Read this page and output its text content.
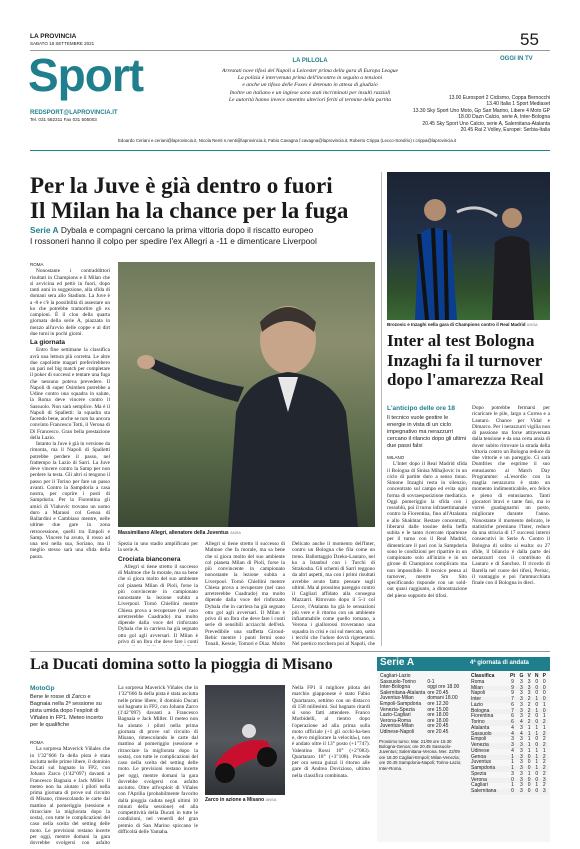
LA PROVINCIA
SABATO 18 SETTEMBRE 2021	55
Sport
REDSPORT@LAPROVINCIA.IT
Tel. 031 582311 Fax 031 505003
LA PILLOLA
Arrestati nove tifosi del Napoli a Leicester prima della gara di Europa League
La polizia è intervenuta prima dell'incontro in seguito a tensioni
e anche un tifoso delle Foxes è detenuto in attesa di giudizio
Inoltre un italiano e un inglese sono stati incriminati per insulti razziali
Le autorità hanno invece smentito ulteriori feriti al termine della partita
OGGI IN TV
13.00 Eurosport 2 Ciclismo, Coppa Bernocchi
13.40 Italia 1 Sport Mediaset
13.30 Sky Sport Uno Moto, Gp San Marino, Libere 4 Moto GP
18.00 Dazn Calcio, serie A, Inter-Bologna
20.45 Sky Sport Uno Calcio, serie A, Salernitana-Atalanta
20.45 Rai 2 Volley, Europei: Serbia-Italia
Edoardo Ceriani e.ceriani@laprovincia.it, Nicola Nenti n.nenti@laprovincia.it, Fabio Cavagna f.cavagna@laprovincia.it, Roberto Crippa (Lecco-Sondrio) r.crippa@laprovincia.it
Per la Juve è già dentro o fuori
Il Milan ha la chance per la fuga
Serie A Dybala e compagni cercano la prima vittoria dopo il riscatto europeo
I rossoneri hanno il colpo per spedire l'ex Allegri a -11 e dimenticare Liverpool
ROMA

Nonostante i contraddittori risultati in Champions e il Milan che si avvicina ed pettò in fuori, dopo tanti anni in soggezione, alla sfida di domani sera allo Stadium. La Juve è a -8 e c'è la possibilità di assestare un ko che potrebbe tramortire gli ex campioni. È il clou della quarta giornata della serie A, piazzata in mezzo all'avvio delle coppe e al dirt due turni in pochi giorni.

La giornata

Entro fine settimane la classifica avrà una lettura più corretta. Le altre due capolistte magari preferirebbero un pari nel big match per completare il poker di successi e tentare una fuga che nessuno poteva prevedere. Il Napoli di super Osimhen potrebbe a Udine contro una squadra in salute, la Roma deve vincere contro il Sassuolo. Non sarà semplice. Ma è il Napoli di Spalletti: la squadra sta facendo bene, anche se non ha ancora convinto Francesco Totti, il Verona di Di Francesco. Gran bella prestazione della Lazio.

Intanto la Juve è già in versione da rimonta, ma il Napoli di Spalletti potrebbe perdere il passo, nel frattempo la Lazio di Sarri. La Juve deve vincere contro la Samp per non perdere la testa. Gli altri si tengono il passo per il Torino per fare un passo avanti. Contro la Sampdoria a casa nostra, per coprire i posti di Sampdoria. Per la Fiorentina gli amici di Vlahovic trovano un uomo duro a Marassi col Genoa di Ballardini e Cambiaso mentre, nelle ultime due gare in zona retrocessione, quelli tra Empoli e Samp. Vincere ha avuto, il rosso ad una tesi nella sua, Soriano, ma il meglio stesso sarà una sfida della paura.

Massimiliano Allegri, allenatore della Juventus ANSA

Spezia in uno stadio amplificato per la serie A.

Crociata bianconera

Allegri si tiene stretto il successo di Malmoe che fa morale, ma sa bene che si gioca molto del suo ambiente col pianeta Milan di Pioli, forse la più convincente in campionato nonostante la lezione subita a Liverpool. Tornò Chiellini mentre Chiesa prova a recuperare (nel caso arretrerebbe Cuadrado) ma molto dipende dalla voce del rinforzato Dybala che in carriera ha già segnato otto gol agli avversari. Il Milan è privo di un Ibra che deve fare i conti

Allegri si tiene stretto il successo di Malmoe che fa morale, ma sa bene che si gioca molto del suo ambiente col pianeta Milan di Pioli, forse la più convincente in campionato nonostante la lezione subita a Liverpool. Tornò Chiellini mentre Chiesa prova a recuperare (nel caso arretrerebbe Cuadrado) ma molto dipende dalla voce del rinforzato Dybala che in carriera ha già segnato otto gol agli avversari. Il Milan è privo di un Ibra che deve fare i conti serie di sensibili acciacchi dell'età. Prevedibile una staffetta Giroud-Rebic mentre i punti fermi sono Tonali, Kessie, Tomori e Diaz. Molto

Delicato anche il momento dell'Inter, contro un Bologna che fila come un treno. Ballottaggio Dzeko-Lautaro, nel ko a Istanbul con i Turchi di Strakosha. Gli schemi di Sarri reggono da altri aspetti, ma con i primi risultati avrebbe avuto fatto pensare sugli ultimi. Ma al prossimo pareggio contro il Cagliari affidato alla consegna Mazzarri. Ritrovato dopo il 5-1 col Lecce, l'Atalanta ha già le sensazioni più vere e il ritorno con un ambiente infiammabile come quello romano, a Verona i giallorossi troveranno una squadra in crisi e cui sul mercato, sotto i tecchi che l'udore dovrà rigenerarsi. Nel poetico tocchera poi al Napoli, che

Brozovic e Inzaghi nella gara di Champions contro il Real Madrid ANSA
Inter al test Bologna Inzaghi fa il turnover dopo l'amarezza Real
L'anticipo delle ore 18
Il tecnico vuole gestire le energie in vista di un ciclo impegnativo ma nerazzurri cercano il rilancio dopo gli ultimi due passi falsi
MILANO

L'Inter dopo il Real Madrid sfida il Bologna di Sinisa Mihajlovic in un ciclo di partite duro a senso tinuo. Simone Inzaghi resta in silenzio, concentrato sul campo ed evita ogni forma di sovraesposizione mediatica. Oggi pomeriggio la sfida con i rossoblù, poi il turno infrasettimanale contro la Fiorentina, fino all'Atalanta e allo Shakhtar. Restare concentrati, liberarsi dalle tossine della beffa subita e le tanto ricercate ripartenze per il turno con il Real Madrid, dimenticare il pari con la Sampdoria sono le condizioni per ripartire in un campionato solo all'inizio e in un girone di Champions complicato ma non impossibile. Il tecnico pensa al turnover, mentre Sm Sito specificando risponde con un sold-out quasi raggiunto, a dimostrazione del pieno supporto dei tifosi.

Dopo potrebbe fermarsi per ricaricare le pile, largo a Correa e a Lautaro. Chance per Vidal e Dimarco. Per i nerazzurri vigilia non di passione ma forse attraversata dalla tensione e da una certa ansia di dover subito ritrovare la strada della vittoria contro un Bologna reduce da due vittorie e un pareggio. Ci sarà Dumfries che esprime il suo entusiasmo al Match Day Programme: «L'esordio con la maglia nerazzurra è stato un momento indimenticabile, ero felice e pieno di entusiasmo. Tanti giocatori bravi e tante fasi, ma io vorrei guadagnarmi un posto, migliorare durante l'anno. Nonostante il momento delicato, le statistiche premiano l'Inter, reduce da una striscia di 17 successi interni consecutivi in Serie A. Contro il Bologna di solito si esalta: su 27 sfide, il bilancio è dalla parte dei nerazzurri con il contributo di Lautaro e di Sanchez. Il ricordo di Barella nel cuore dei tifosi, Perisic, il vantaggio e poi l'ammucchiata finale con il Bologna in dieci.

La Ducati domina sotto la pioggia di Misano
MotoGp
Bene le rosse di Zarco e Bagnaia nella 2ª sessione su pista umida dopo l'exploit di Viñales in FP1. Meteo incerto per le qualifiche
ROMA

La sorpresa Maverick Viñales che in 1'32"666 fa della pista è stata asciutta nelle prime libere, il dominio Ducati sul bagnato in FP2, con Johann Zarco (1'42"097) davanti a Francesco Bagnaia e Jack Miller. Il meteo non ha aiutato i piloti nella prima giornata di prove sul circuito di Misano, rimescolando le carte dal mattino al pomeriggio (sessione e ritracciare la migliorata dopo la sosta), con tutte le complicazioni del caso nella scelta del setting delle moto. Le previsioni restano incerte per oggi, mentre domani la gara dovrebbe svolgersi con asfalto

La sorpresa Maverick Viñales che in 1'32"666 fa della pista è stata asciutta nelle prime libere, il dominio Ducati sul bagnato in FP2, con Johann Zarco (1'42"097) davanti a Francesco Bagnaia e Jack Miller. Il meteo non ha aiutato i piloti nella prima giornata di prove sul circuito di Misano, rimescolando le carte dal mattino al pomeriggio (sessione e ritracciare la migliorata dopo la sosta), con tutte le complicazioni del caso nella scelta del setting delle moto. Le previsioni restano incerte per oggi, mentre domani la gara dovrebbe svolgersi con asfalto asciutto. Oltre all'exploit di Viñales con l'Aprilia (probabilmente favorito dalla pioggia caduta negli ultimi 10 minuti della sessione) ed alla competitività della Ducati in tutte le condizioni, nel venerdì del gran premio di San Marino spiccano le difficoltà delle Yamaha.

Zarco in azione a Misano ANSA

Nella FP1 il migliore pilota del marchio giapponese è stato Fabio Quartararo, settimo con un distacco di 158 millesimi. Sul bagnato ritardi si sono fatti attendere. Franco Morbidelli, al rientro dopo l'operazione ad alla prima sulla moto ufficiale (+1 gli occhi-ha-ben e, devo migliorare la velocità»), non è andato oltre il 13° posto (+1"747). Valentino Rossi 16° (+2"083). Quartararo 18° (+3"108). Procede per ora senza guizzi il ritorno alle gare di Andrea Dovizioso, ultimo nella classifica combinata.

Serie A	4ª giornata di andata
Cagliari-Lazio		
Sassuolo-Torino	0-1	
Inter-Bologna	oggi ore 18.00	
Salernitana-Atalanta	ore 20.45	
Juventus-Milan	domani 18.00	
Empoli-Sampdoria	ore 12.30	
Venezia-Spezia	ore 15.00	
Lazio-Cagliari	ore 18.00	
Verona-Roma	ore 18.00	
Juventus-Milan	ore 20.45	
Udinese-Napoli	ore 20.45	
Prossimo turno: Mar. 21/09 ore 18.30 Bologna-Genoa; ore 20.45 Sassuolo-Juventus; Salernitana-Verona. Mer. 22/09 ore 18.30 Cagliari-Empoli; Milan-Venezia; ore 20.45 Sampdoria-Napoli; Torino-Lazio; Inter-Roma.
Classifica	Pt	G	V	N	P
Roma	9	3	3	0	0
Milan	9	3	3	0	0
Napoli	9	3	3	0	0
Inter	7	3	2	1	0
Lazio	6	3	2	0	1
Bologna	7	3	2	1	0
Fiorentina	6	3	2	0	1
Torino	6	4	2	0	2
Atalanta	4	3	1	1	1
Sassuolo	4	4	1	1	2
Empoli	3	3	1	0	2
Venezia	3	3	1	0	2
Udinese	4	3	1	1	1
Genoa	1	3	0	1	2
Juventus	1	3	0	1	2
Sampdoria	1	3	0	1	2
Spezia	3	3	1	0	2
Verona	0	3	0	0	3
Cagliari	1	3	0	1	2
Salernitana	0	3	0	0	3
